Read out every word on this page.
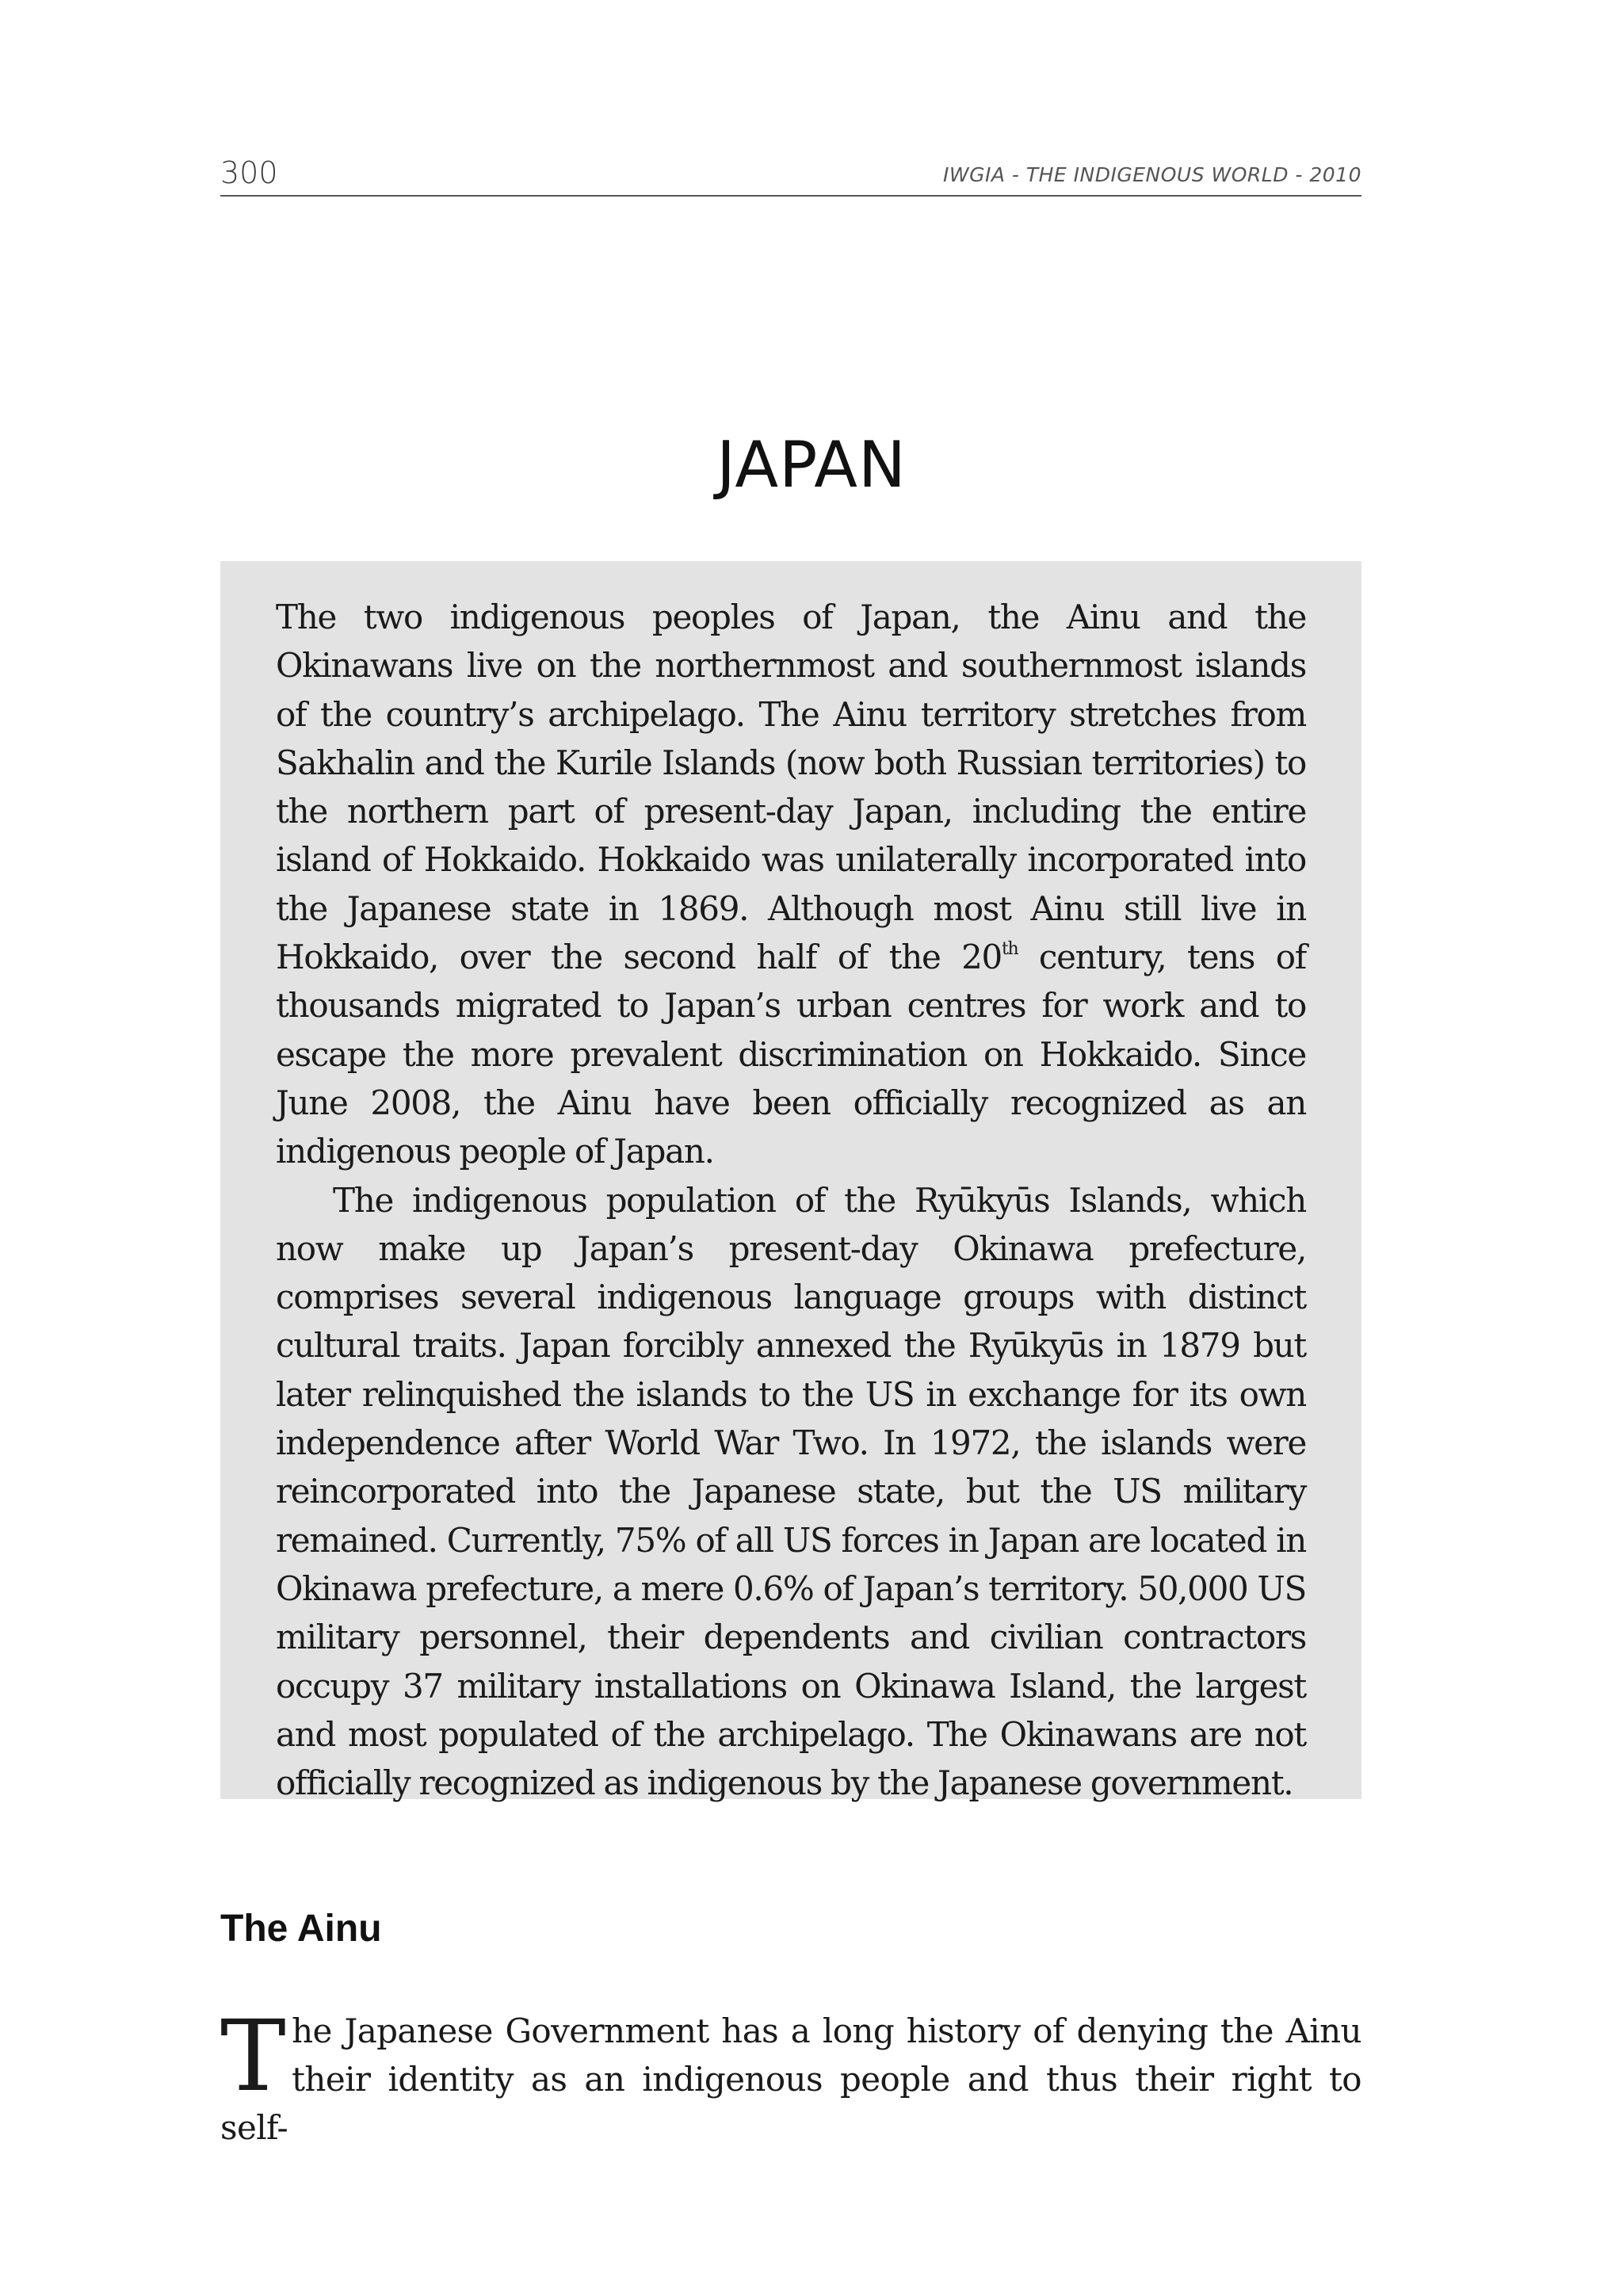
300	IWGIA - THE INDIGENOUS WORLD - 2010
JAPAN

The two indigenous peoples of Japan, the Ainu and the Okinawans live on the northernmost and southernmost islands of the country’s archipelago. The Ainu territory stretches from Sakhalin and the Kurile Islands (now both Russian territories) to the northern part of present-day Japan, including the entire island of Hokkaido. Hokkaido was unilaterally incorporated into the Japanese state in 1869. Although most Ainu still live in Hokkaido, over the second half of the 20th century, tens of thousands migrated to Japan’s urban centres for work and to escape the more prevalent discrimination on Hokkaido. Since June 2008, the Ainu have been officially recognized as an indigenous people of Japan.

The indigenous population of the Ryūkyūs Islands, which now make up Japan’s present-day Okinawa prefecture, comprises several indigenous language groups with distinct cultural traits. Japan forcibly annexed the Ryūkyūs in 1879 but later relinquished the islands to the US in exchange for its own independence after World War Two. In 1972, the islands were reincorporated into the Japanese state, but the US military remained. Currently, 75% of all US forces in Japan are located in Okinawa prefecture, a mere 0.6% of Japan’s territory. 50,000 US military personnel, their dependents and civilian contractors occupy 37 military installations on Okinawa Island, the largest and most populated of the archipelago. The Okinawans are not officially recognized as indigenous by the Japanese government.

The Ainu

The Japanese Government has a long history of denying the Ainu their identity as an indigenous people and thus their right to self-
